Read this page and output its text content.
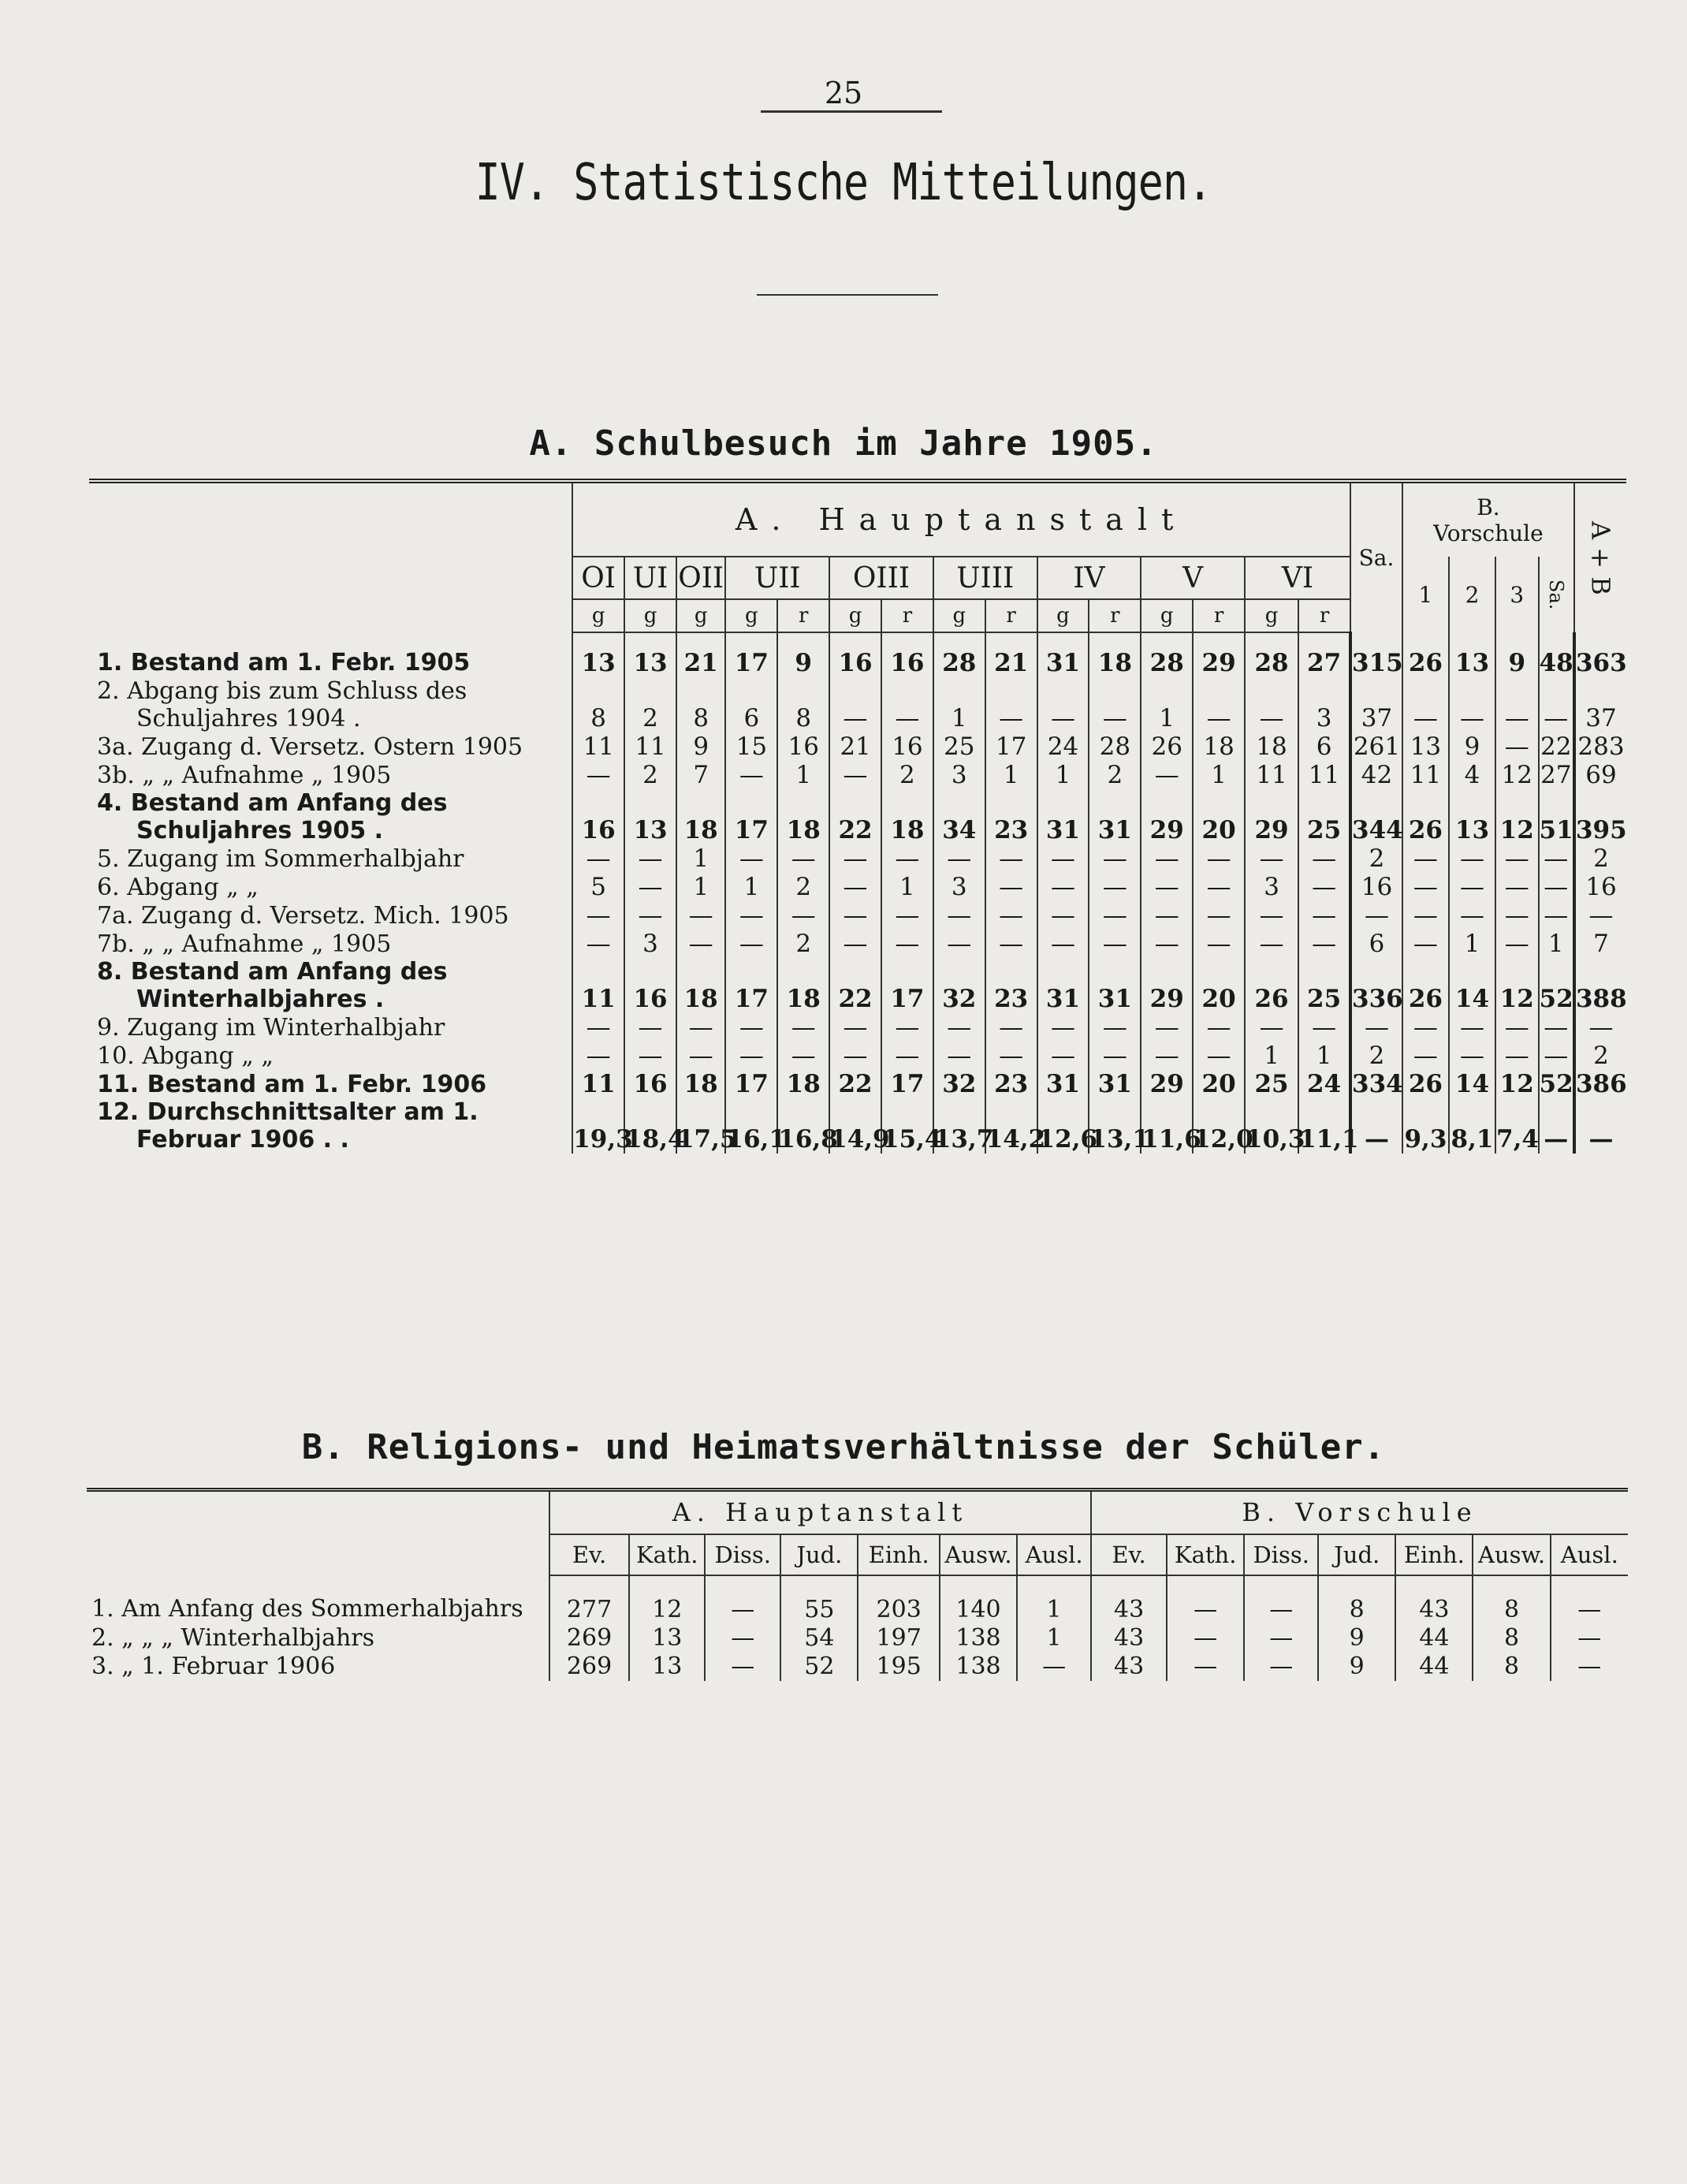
25
IV. Statistische Mitteilungen.
A. Schulbesuch im Jahre 1905.
	A. Hauptanstalt															Sa.	B.
Vorschule				A + B
	OI	UI	OII	UII		OIII		UIII		IV		V		VI			1	2	3	Sa.	
	g	g	g	g	r	g	r	g	r	g	r	g	r	g	r						

1. Bestand am 1. Febr. 1905	13	13	21	17	9	16	16	28	21	31	18	28	29	28	27	315	26	13	9	48	363

2. Abgang bis zum Schluss des
Schuljahres 1904 .	8	2	8	6	8	—	—	1	—	—	—	1	—	—	3	37	—	—	—	—	37

3a. Zugang d. Versetz. Ostern 1905	11	11	9	15	16	21	16	25	17	24	28	26	18	18	6	261	13	9	—	22	283

3b. „ „ Aufnahme „ 1905	—	2	7	—	1	—	2	3	1	1	2	—	1	11	11	42	11	4	12	27	69

4. Bestand am Anfang des
Schuljahres 1905 .	16	13	18	17	18	22	18	34	23	31	31	29	20	29	25	344	26	13	12	51	395

5. Zugang im Sommerhalbjahr	—	—	1	—	—	—	—	—	—	—	—	—	—	—	—	2	—	—	—	—	2

6. Abgang „ „	5	—	1	1	2	—	1	3	—	—	—	—	—	3	—	16	—	—	—	—	16

7a. Zugang d. Versetz. Mich. 1905	—	—	—	—	—	—	—	—	—	—	—	—	—	—	—	—	—	—	—	—	—

7b. „ „ Aufnahme „ 1905	—	3	—	—	2	—	—	—	—	—	—	—	—	—	—	6	—	1	—	1	7

8. Bestand am Anfang des
Winterhalbjahres .	11	16	18	17	18	22	17	32	23	31	31	29	20	26	25	336	26	14	12	52	388

9. Zugang im Winterhalbjahr	—	—	—	—	—	—	—	—	—	—	—	—	—	—	—	—	—	—	—	—	—

10. Abgang „ „	—	—	—	—	—	—	—	—	—	—	—	—	—	1	1	2	—	—	—	—	2

11. Bestand am 1. Febr. 1906	11	16	18	17	18	22	17	32	23	31	31	29	20	25	24	334	26	14	12	52	386

12. Durchschnittsalter am 1.
Februar 1906 . .	19,3	18,4	17,5	16,1	16,8	14,9	15,4	13,7	14,2	12,6	13,1	11,6	12,0	10,3	11,1	—	9,3	8,1	7,4	—	—
B. Religions- und Heimatsverhältnisse der Schüler.
	A. Hauptanstalt							B. Vorschule						
	Ev.	Kath.	Diss.	Jud.	Einh.	Ausw.	Ausl.	Ev.	Kath.	Diss.	Jud.	Einh.	Ausw.	Ausl.
1. Am Anfang des Sommerhalbjahrs	277	12	—	55	203	140	1	43	—	—	8	43	8	—
2. „ „ „ Winterhalbjahrs	269	13	—	54	197	138	1	43	—	—	9	44	8	—
3. „ 1. Februar 1906	269	13	—	52	195	138	—	43	—	—	9	44	8	—
